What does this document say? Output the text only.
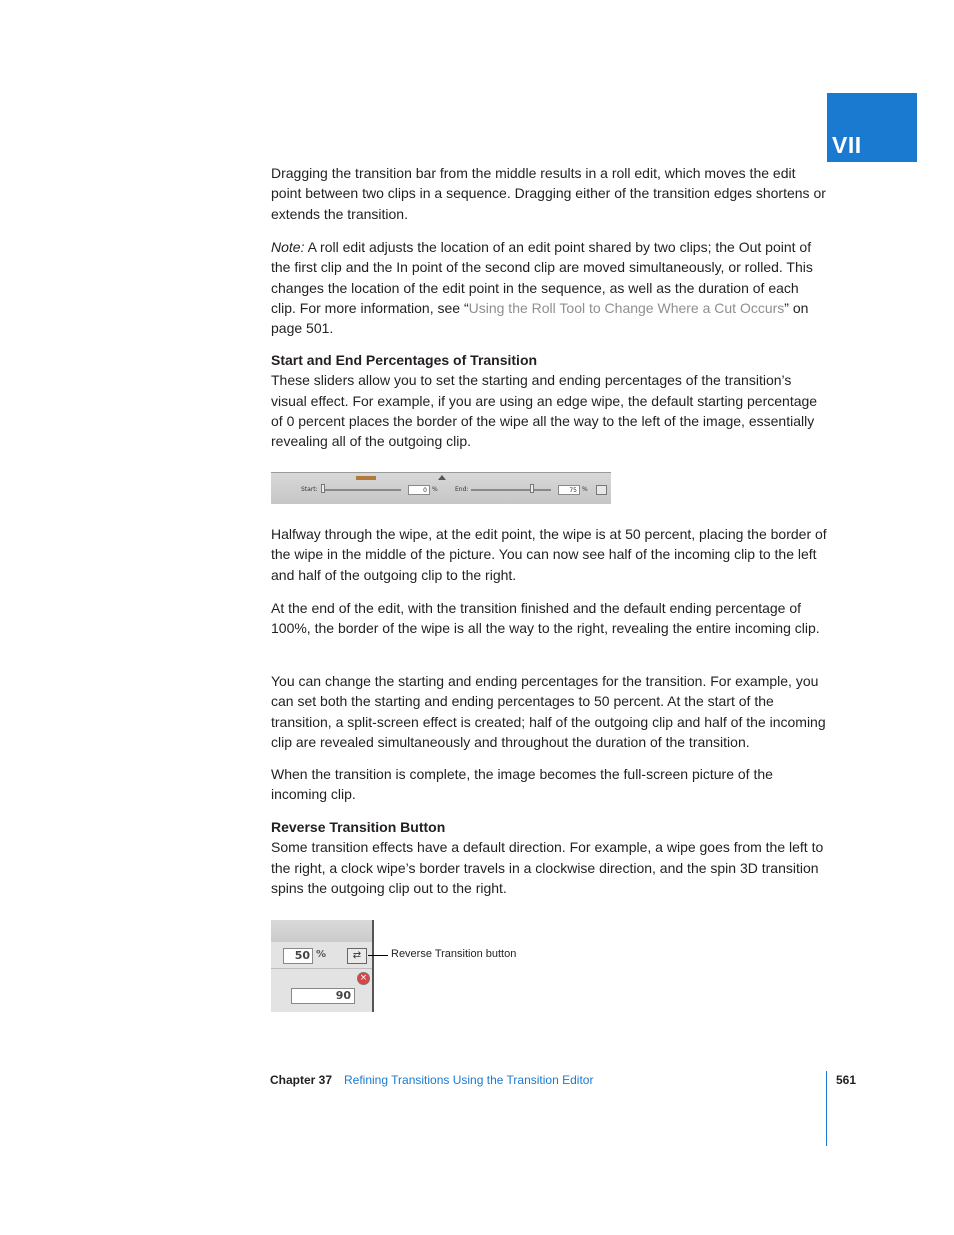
VII

Dragging the transition bar from the middle results in a roll edit, which moves the edit point between two clips in a sequence. Dragging either of the transition edges shortens or extends the transition.

Note: A roll edit adjusts the location of an edit point shared by two clips; the Out point of the first clip and the In point of the second clip are moved simultaneously, or rolled. This changes the location of the edit point in the sequence, as well as the duration of each clip. For more information, see “Using the Roll Tool to Change Where a Cut Occurs” on page 501.

Start and End Percentages of Transition

These sliders allow you to set the starting and ending percentages of the transition’s visual effect. For example, if you are using an edge wipe, the default starting percentage of 0 percent places the border of the wipe all the way to the left of the image, essentially revealing all of the outgoing clip.

Start:	0 %	End:	75 %

Halfway through the wipe, at the edit point, the wipe is at 50 percent, placing the border of the wipe in the middle of the picture. You can now see half of the incoming clip to the left and half of the outgoing clip to the right.

At the end of the edit, with the transition finished and the default ending percentage of 100%, the border of the wipe is all the way to the right, revealing the entire incoming clip.

You can change the starting and ending percentages for the transition. For example, you can set both the starting and ending percentages to 50 percent. At the start of the transition, a split-screen effect is created; half of the outgoing clip and half of the incoming clip are revealed simultaneously and throughout the duration of the transition.

When the transition is complete, the image becomes the full-screen picture of the incoming clip.

Reverse Transition Button

Some transition effects have a default direction. For example, a wipe goes from the left to the right, a clock wipe’s border travels in a clockwise direction, and the spin 3D transition spins the outgoing clip out to the right.

50 %	⇄
×
90
Reverse Transition button
Chapter 37 Refining Transitions Using the Transition Editor	561
